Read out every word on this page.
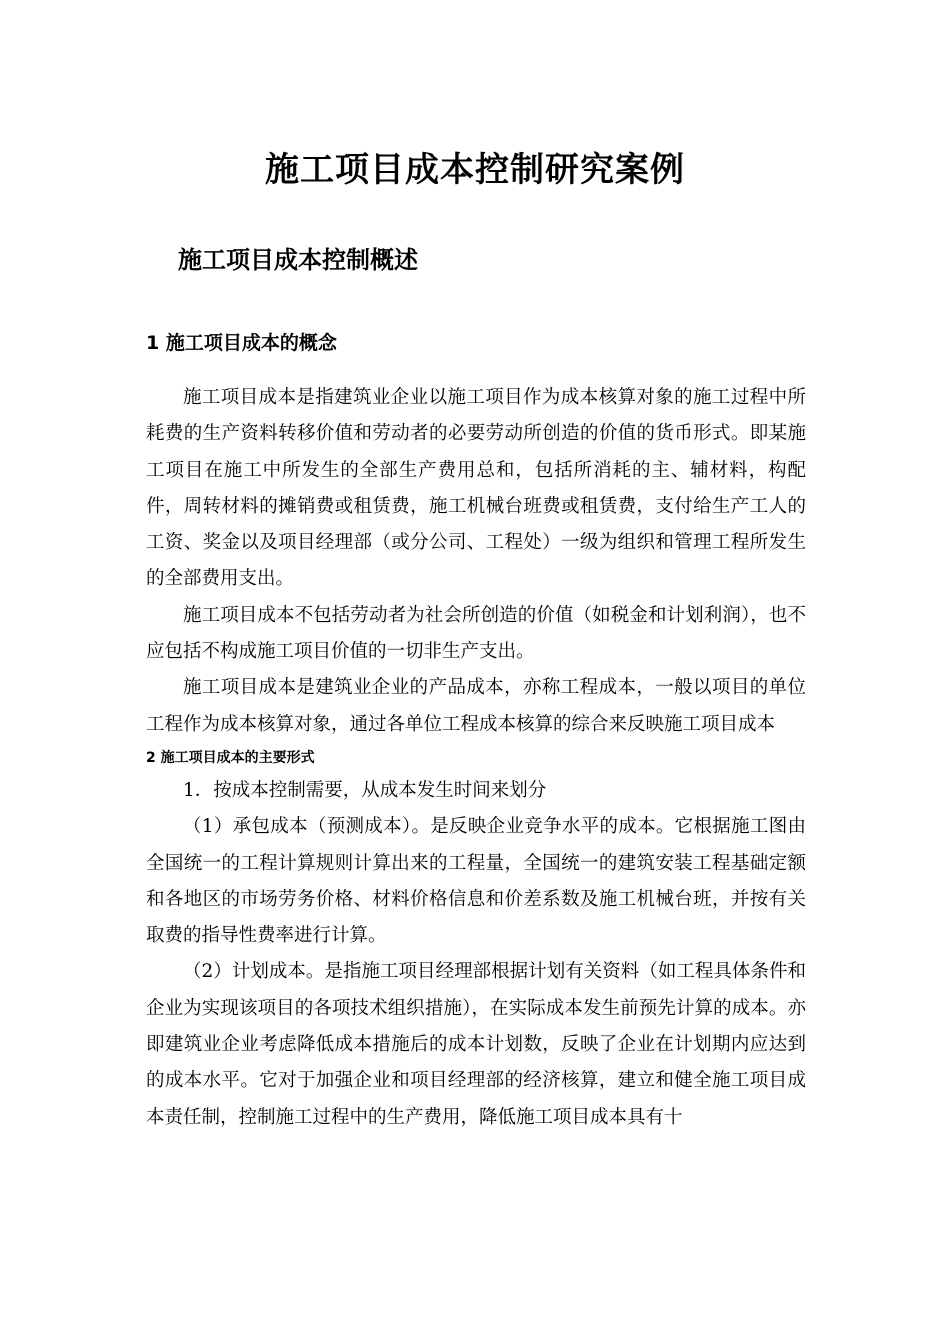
施工项目成本控制研究案例
施工项目成本控制概述
1 施工项目成本的概念

施工项目成本是指建筑业企业以施工项目作为成本核算对象的施工过程中所耗费的生产资料转移价值和劳动者的必要劳动所创造的价值的货币形式。即某施工项目在施工中所发生的全部生产费用总和，包括所消耗的主、辅材料，构配件，周转材料的摊销费或租赁费，施工机械台班费或租赁费，支付给生产工人的工资、奖金以及项目经理部（或分公司、工程处）一级为组织和管理工程所发生的全部费用支出。

施工项目成本不包括劳动者为社会所创造的价值（如税金和计划利润），也不应包括不构成施工项目价值的一切非生产支出。

施工项目成本是建筑业企业的产品成本，亦称工程成本，一般以项目的单位工程作为成本核算对象，通过各单位工程成本核算的综合来反映施工项目成本

2 施工项目成本的主要形式

1．按成本控制需要，从成本发生时间来划分

（1）承包成本（预测成本）。是反映企业竞争水平的成本。它根据施工图由全国统一的工程计算规则计算出来的工程量，全国统一的建筑安装工程基础定额和各地区的市场劳务价格、材料价格信息和价差系数及施工机械台班，并按有关取费的指导性费率进行计算。

（2）计划成本。是指施工项目经理部根据计划有关资料（如工程具体条件和企业为实现该项目的各项技术组织措施），在实际成本发生前预先计算的成本。亦即建筑业企业考虑降低成本措施后的成本计划数，反映了企业在计划期内应达到的成本水平。它对于加强企业和项目经理部的经济核算，建立和健全施工项目成本责任制，控制施工过程中的生产费用，降低施工项目成本具有十
